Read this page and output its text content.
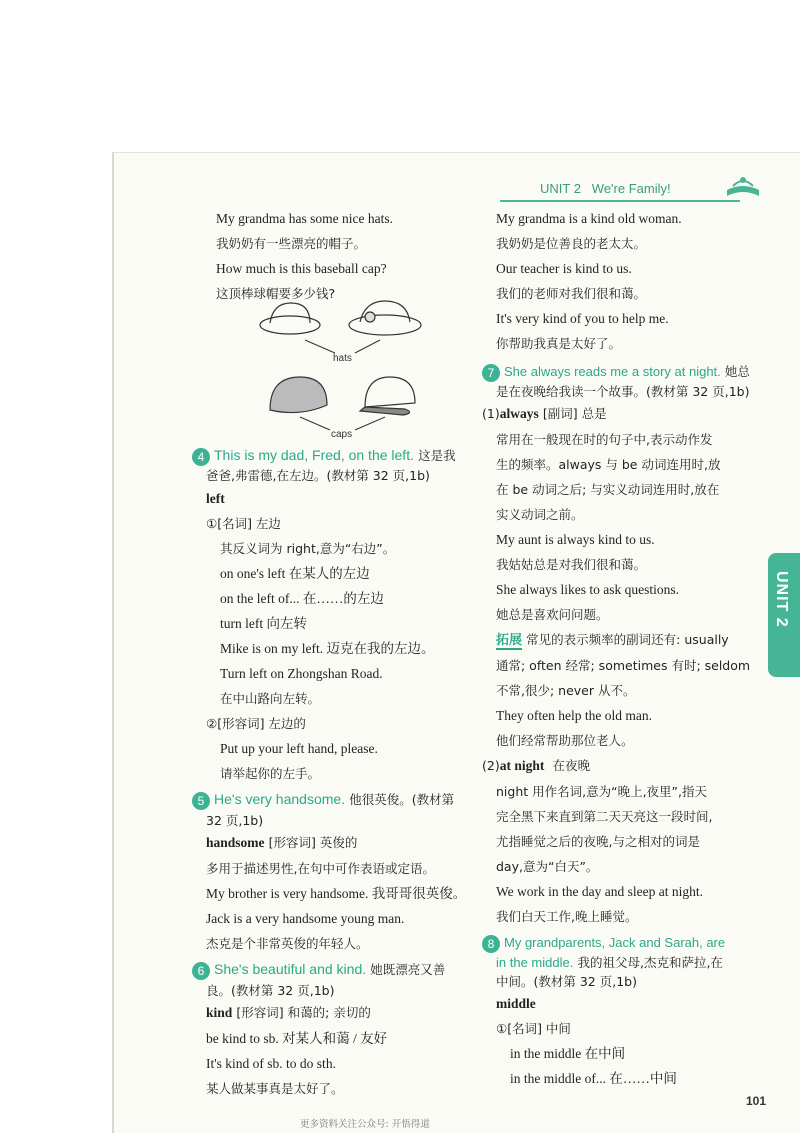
UNIT 2 We're Family!
My grandma has some nice hats.
我奶奶有一些漂亮的帽子。
How much is this baseball cap?
这顶棒球帽要多少钱?
hats
caps
4 This is my dad, Fred, on the left. 这是我
爸爸,弗雷德,在左边。(教材第 32 页,1b)
left
①[名词] 左边
其反义词为 right,意为“右边”。
on one's left 在某人的左边
on the left of... 在……的左边
turn left 向左转
Mike is on my left. 迈克在我的左边。
Turn left on Zhongshan Road.
在中山路向左转。
②[形容词] 左边的
Put up your left hand, please.
请举起你的左手。
5 He's very handsome. 他很英俊。(教材第
32 页,1b)
handsome [形容词] 英俊的
多用于描述男性,在句中可作表语或定语。
My brother is very handsome. 我哥哥很英俊。
Jack is a very handsome young man.
杰克是个非常英俊的年轻人。
6 She's beautiful and kind. 她既漂亮又善
良。(教材第 32 页,1b)
kind [形容词] 和蔼的; 亲切的
be kind to sb. 对某人和蔼 / 友好
It's kind of sb. to do sth.
某人做某事真是太好了。
My grandma is a kind old woman.
我奶奶是位善良的老太太。
Our teacher is kind to us.
我们的老师对我们很和蔼。
It's very kind of you to help me.
你帮助我真是太好了。
7 She always reads me a story at night. 她总
是在夜晚给我读一个故事。(教材第 32 页,1b)
(1)always [副词] 总是
常用在一般现在时的句子中,表示动作发
生的频率。always 与 be 动词连用时,放
在 be 动词之后; 与实义动词连用时,放在
实义动词之前。
My aunt is always kind to us.
我姑姑总是对我们很和蔼。
She always likes to ask questions.
她总是喜欢问问题。
拓展 常见的表示频率的副词还有: usually
通常; often 经常; sometimes 有时; seldom
不常,很少; never 从不。
They often help the old man.
他们经常帮助那位老人。
(2)at night 在夜晚
night 用作名词,意为“晚上,夜里”,指天
完全黑下来直到第二天天亮这一段时间,
尤指睡觉之后的夜晚,与之相对的词是
day,意为“白天”。
We work in the day and sleep at night.
我们白天工作,晚上睡觉。
8 My grandparents, Jack and Sarah, are
in the middle. 我的祖父母,杰克和萨拉,在
中间。(教材第 32 页,1b)
middle
①[名词] 中间
in the middle 在中间
in the middle of... 在……中间
UNIT 2
101
更多资料关注公众号: 开悟得道
